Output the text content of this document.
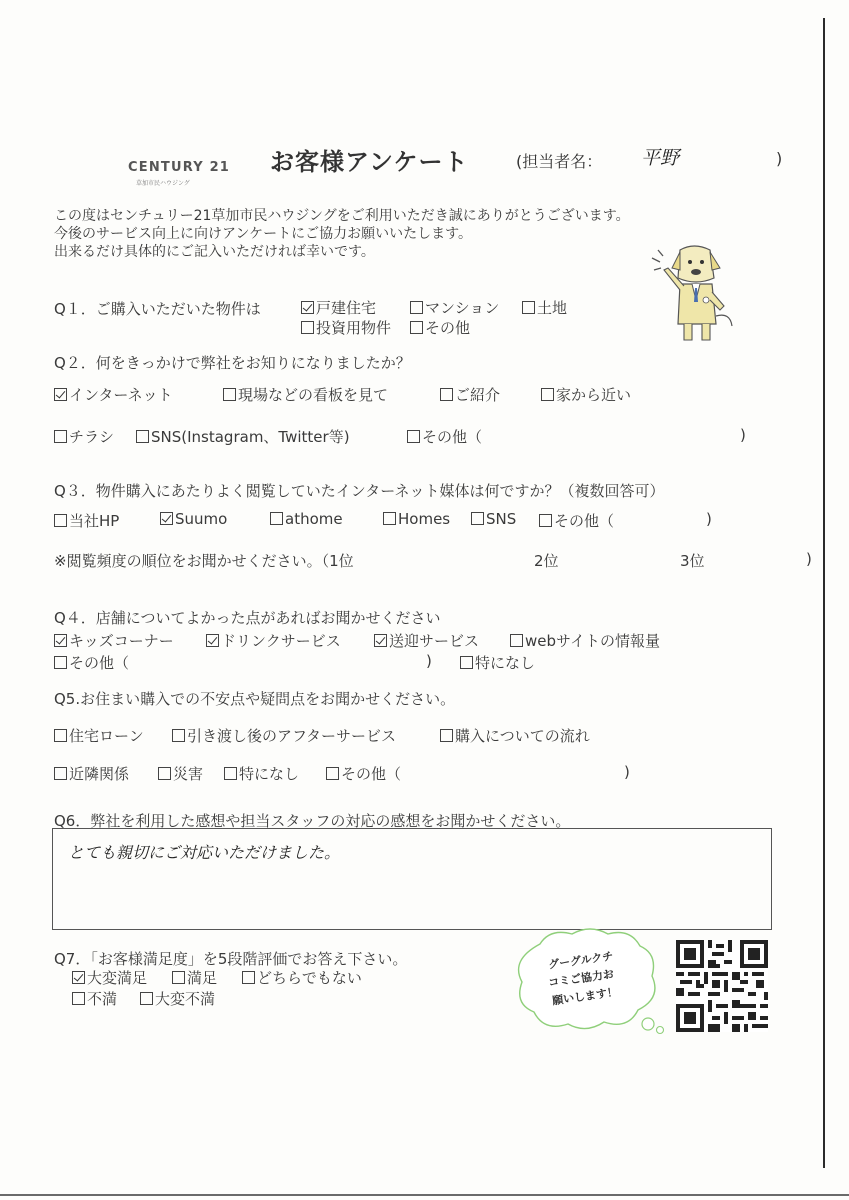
CENTURY 21
草加市民ハウジング
お客様アンケート	(担当者名： 平野	)
この度はセンチュリー21草加市民ハウジングをご利用いただき誠にありがとうございます。
今後のサービス向上に向けアンケートにご協力お願いいたします。
出来るだけ具体的にご記入いただければ幸いです。
Q１．ご購入いただいた物件は	戸建住宅	マンション	土地
投資用物件	その他
Q２．何をきっかけで弊社をお知りになりましたか？
インターネット	現場などの看板を見て	ご紹介	家から近い
チラシ	SNS(Instagram、Twitter等)	その他（	)
Q３．物件購入にあたりよく閲覧していたインターネット媒体は何ですか？（複数回答可）
当社HP	Suumo	athome	Homes	SNS	その他（	)
※閲覧頻度の順位をお聞かせください。（1位	2位	3位	)
Q４．店舗についてよかった点があればお聞かせください
キッズコーナー	ドリンクサービス	送迎サービス	webサイトの情報量
その他（	)	特になし
Q5.お住まい購入での不安点や疑問点をお聞かせください。
住宅ローン	引き渡し後のアフターサービス	購入についての流れ
近隣関係	災害	特になし	その他（	)
Q6．弊社を利用した感想や担当スタッフの対応の感想をお聞かせください。
とても親切にご対応いただけました。
Q7．「お客様満足度」を5段階評価でお答え下さい。
大変満足	満足	どちらでもない
不満	大変不満
グーグルクチ
コミご協力お
願いします！
